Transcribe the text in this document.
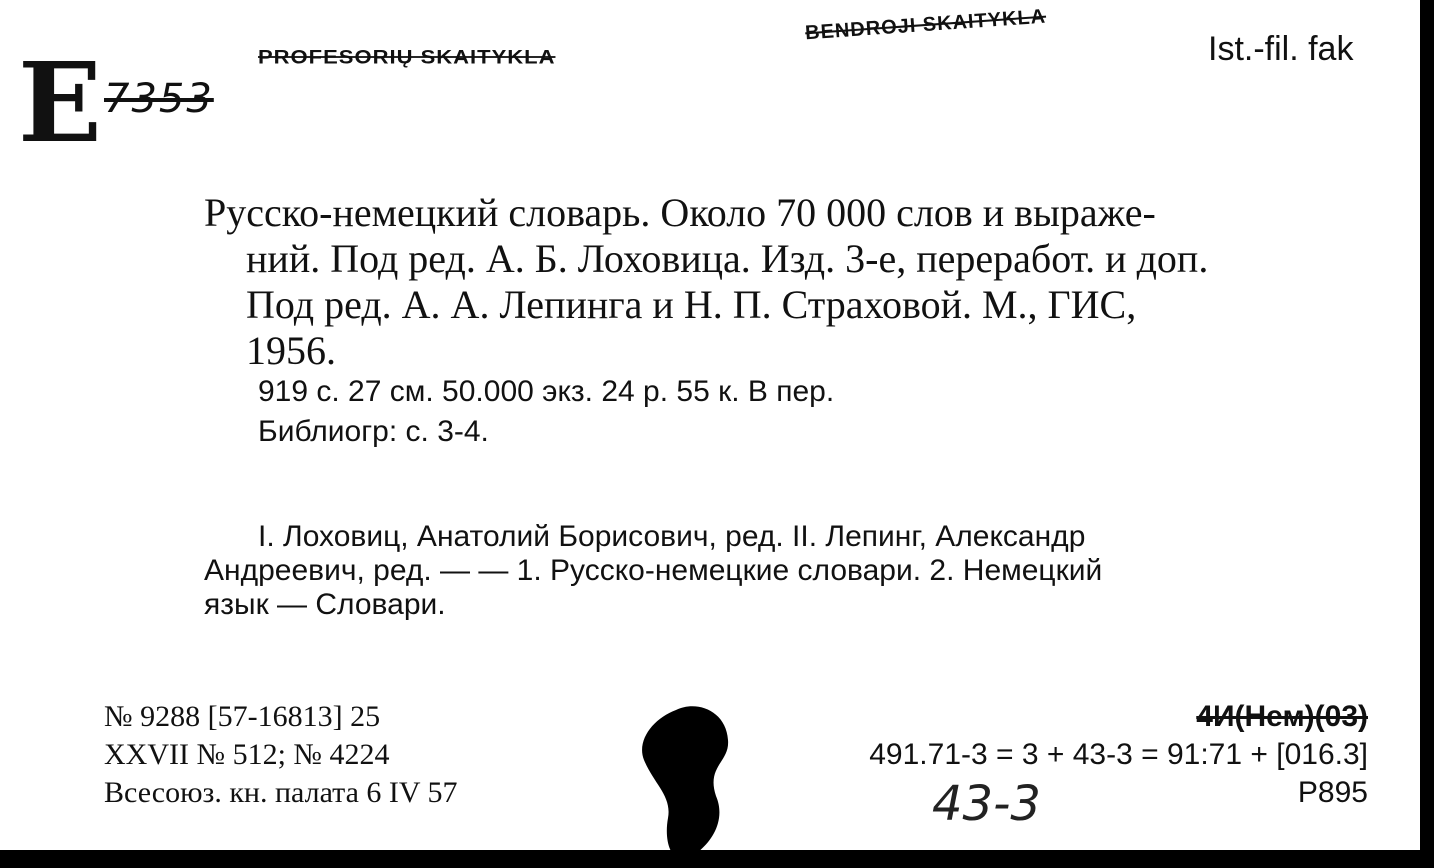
PROFESORIŲ SKAITYKLA
BENDROJI SKAITYKLA
Ist.-fil. fak
E 7353
Русско-немецкий словарь. Около 70 000 слов и выраже-
ний. Под ред. А. Б. Лоховица. Изд. 3-е, переработ. и доп.
Под ред. А. А. Лепинга и Н. П. Страховой. М., ГИС,
1956.
919 с. 27 см. 50.000 экз. 24 р. 55 к. В пер.
Библиогр: с. 3-4.
I. Лоховиц, Анатолий Борисович, ред. II. Лепинг, Александр
Андреевич, ред. — — 1. Русско-немецкие словари. 2. Немецкий
язык — Словари.
№ 9288 [57-16813] 25
XXVII № 512; № 4224
Всесоюз. кн. палата 6 IV 57
4И(Нем)(03)
491.71-3 = 3 + 43-3 = 91:71 + [016.3]
Р895
43-3
